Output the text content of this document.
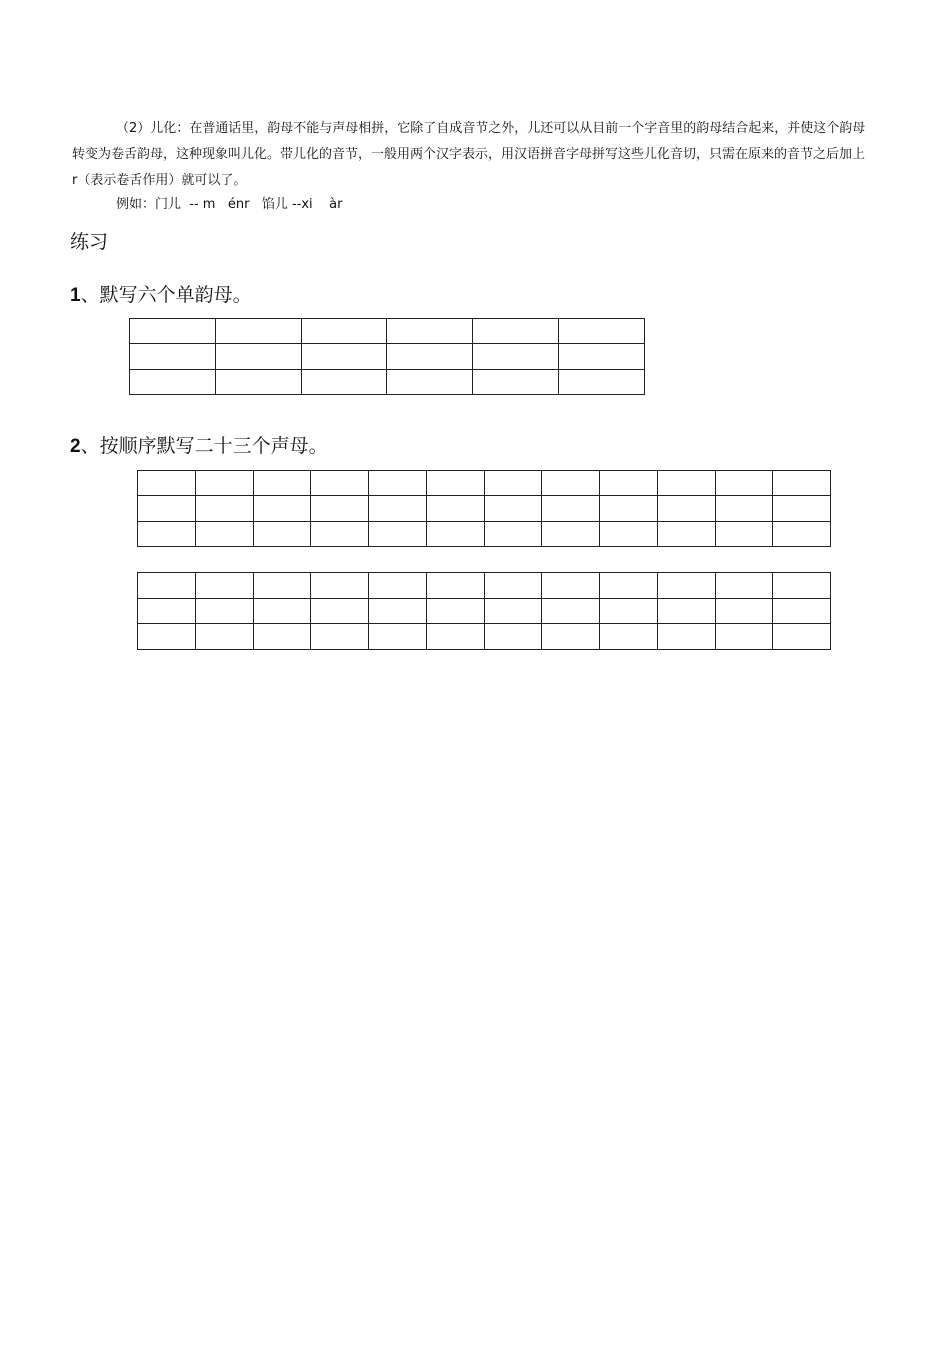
（2）儿化：在普通话里，韵母不能与声母相拼，它除了自成音节之外，儿还可以从目前一个字音里的韵母结合起来，并使这个韵母转变为卷舌韵母，这种现象叫儿化。带儿化的音节，一般用两个汉字表示，用汉语拼音字母拼写这些儿化音切，只需在原来的音节之后加上　　r（表示卷舌作用）就可以了。

例如：门儿  -- m   énr   馅儿 --xi    àr
练习
1、默写六个单韵母。

2、按顺序默写二十三个声母。
